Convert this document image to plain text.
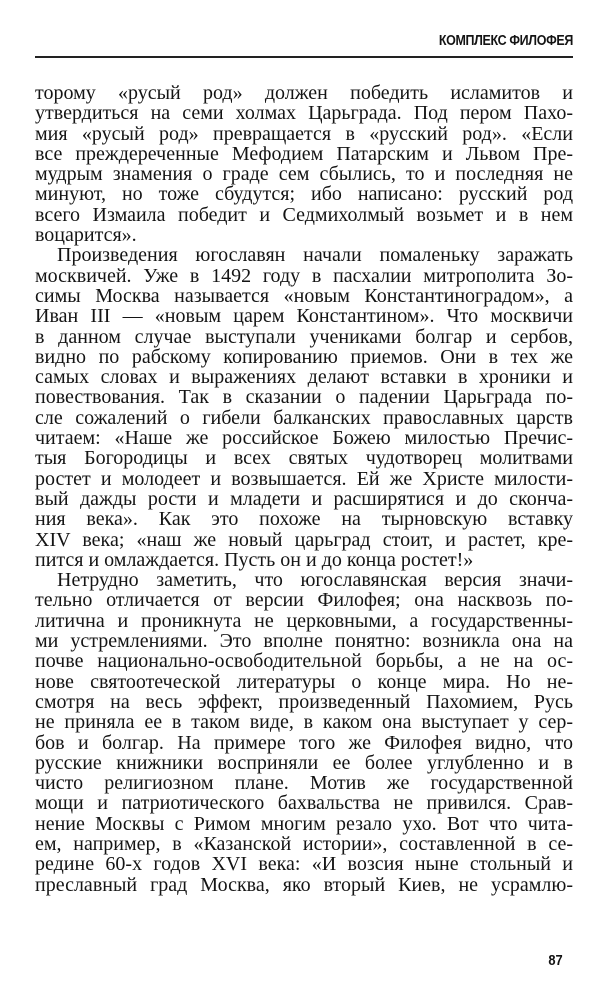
КОМПЛЕКС ФИЛОФЕЯ
торому «русый род» должен победить исламитов и
утвердиться на семи холмах Царьграда. Под пером Пахо-
мия «русый род» превращается в «русский род». «Если
все преждереченные Мефодием Патарским и Львом Пре-
мудрым знамения о граде сем сбылись, то и последняя не
минуют, но тоже сбудутся; ибо написано: русский род
всего Измаила победит и Седмихолмый возьмет и в нем
воцарится».
Произведения югославян начали помаленьку заражать
москвичей. Уже в 1492 году в пасхалии митрополита Зо-
симы Москва называется «новым Константиноградом», а
Иван III — «новым царем Константином». Что москвичи
в данном случае выступали учениками болгар и сербов,
видно по рабскому копированию приемов. Они в тех же
самых словах и выражениях делают вставки в хроники и
повествования. Так в сказании о падении Царьграда по-
сле сожалений о гибели балканских православных царств
читаем: «Наше же российское Божею милостью Пречис-
тыя Богородицы и всех святых чудотворец молитвами
ростет и молодеет и возвышается. Ей же Христе милости-
вый дажды рости и младети и расширятися и до сконча-
ния века». Как это похоже на тырновскую вставку
XIV века; «наш же новый царьград стоит, и растет, кре-
пится и омлаждается. Пусть он и до конца ростет!»
Нетрудно заметить, что югославянская версия значи-
тельно отличается от версии Филофея; она насквозь по-
литична и проникнута не церковными, а государственны-
ми устремлениями. Это вполне понятно: возникла она на
почве национально-освободительной борьбы, а не на ос-
нове святоотеческой литературы о конце мира. Но не-
смотря на весь эффект, произведенный Пахомием, Русь
не приняла ее в таком виде, в каком она выступает у сер-
бов и болгар. На примере того же Филофея видно, что
русские книжники восприняли ее более углубленно и в
чисто религиозном плане. Мотив же государственной
мощи и патриотического бахвальства не привился. Срав-
нение Москвы с Римом многим резало ухо. Вот что чита-
ем, например, в «Казанской истории», составленной в се-
редине 60-х годов XVI века: «И возсия ныне стольный и
преславный град Москва, яко вторый Киев, не усрамлю-
87
